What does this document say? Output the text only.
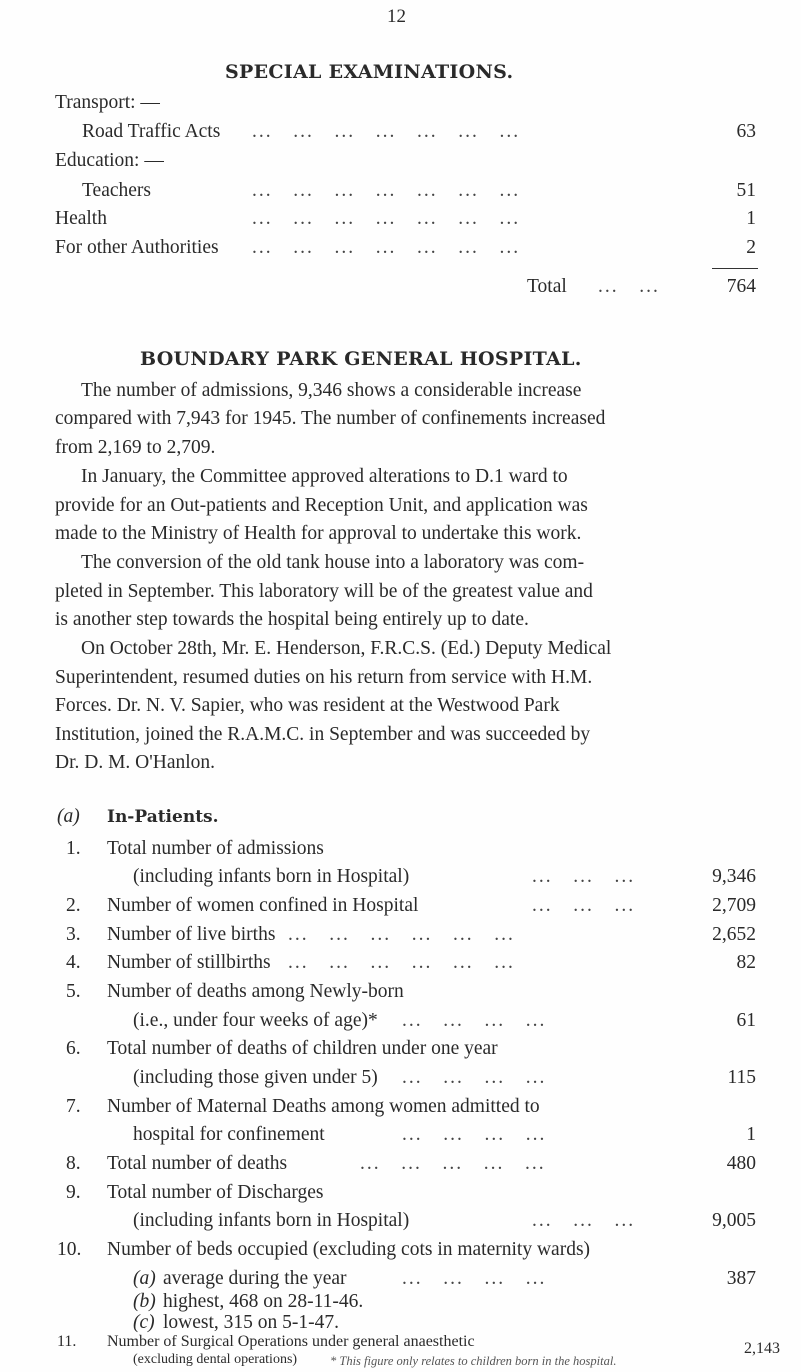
12
SPECIAL EXAMINATIONS.
Transport: —
Road Traffic Acts ...   ...   ...   ...   ...   ...   ...	63
Education: —
Teachers	...   ...   ...   ...   ...   ...   ...	51
Health	...   ...   ...   ...   ...   ...   ...	1
For other Authorities ...   ...   ...   ...   ...   ...   ...	2
Total ...   ...	764
BOUNDARY PARK GENERAL HOSPITAL.
The number of admissions, 9,346 shows a considerable increase
compared with 7,943 for 1945. The number of confinements increased
from 2,169 to 2,709.
In January, the Committee approved alterations to D.1 ward to
provide for an Out-patients and Reception Unit, and application was
made to the Ministry of Health for approval to undertake this work.
The conversion of the old tank house into a laboratory was com-
pleted in September. This laboratory will be of the greatest value and
is another step towards the hospital being entirely up to date.
On October 28th, Mr. E. Henderson, F.R.C.S. (Ed.) Deputy Medical
Superintendent, resumed duties on his return from service with H.M.
Forces. Dr. N. V. Sapier, who was resident at the Westwood Park
Institution, joined the R.A.M.C. in September and was succeeded by
Dr. D. M. O'Hanlon.
(a) In-Patients.
1. Total number of admissions
(including infants born in Hospital)	...   ...   ...	9,346
2. Number of women confined in Hospital	...   ...   ...	2,709
3. Number of live births ...   ...   ...   ...   ...   ...	2,652
4. Number of stillbirths ...   ...   ...   ...   ...   ...	82
5. Number of deaths among Newly-born
(i.e., under four weeks of age)* ...   ...   ...   ...	61
6. Total number of deaths of children under one year
(including those given under 5) ...   ...   ...   ...	115
7. Number of Maternal Deaths among women admitted to
hospital for confinement	...   ...   ...   ...	1
8. Total number of deaths	...   ...   ...   ...   ...	480
9. Total number of Discharges
(including infants born in Hospital)	...   ...   ...	9,005
10. Number of beds occupied (excluding cots in maternity wards)
(a) average during the year	...   ...   ...   ...	387
(b) highest, 468 on 28-11-46.
(c) lowest, 315 on 5-1-47.
11. Number of Surgical Operations under general anaesthetic
(excluding dental operations)
2,143
* This figure only relates to children born in the hospital.
